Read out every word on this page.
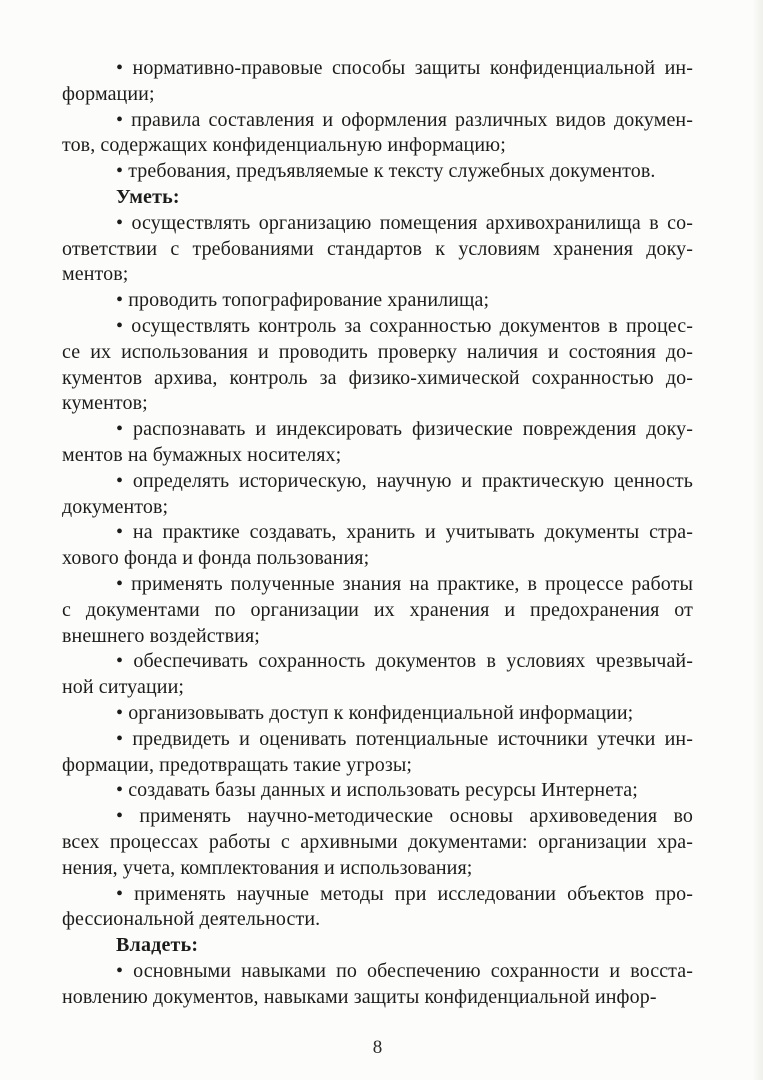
• нормативно-правовые способы защиты конфиденциальной ин-
формации;
• правила составления и оформления различных видов докумен-
тов, содержащих конфиденциальную информацию;
• требования, предъявляемые к тексту служебных документов.
Уметь:
• осуществлять организацию помещения архивохранилища в со-
ответствии с требованиями стандартов к условиям хранения доку-
ментов;
• проводить топографирование хранилища;
• осуществлять контроль за сохранностью документов в процес-
се их использования и проводить проверку наличия и состояния до-
кументов архива, контроль за физико-химической сохранностью до-
кументов;
• распознавать и индексировать физические повреждения доку-
ментов на бумажных носителях;
• определять историческую, научную и практическую ценность
документов;
• на практике создавать, хранить и учитывать документы стра-
хового фонда и фонда пользования;
• применять полученные знания на практике, в процессе работы
с документами по организации их хранения и предохранения от
внешнего воздействия;
• обеспечивать сохранность документов в условиях чрезвычай-
ной ситуации;
• организовывать доступ к конфиденциальной информации;
• предвидеть и оценивать потенциальные источники утечки ин-
формации, предотвращать такие угрозы;
• создавать базы данных и использовать ресурсы Интернета;
• применять научно-методические основы архивоведения во
всех процессах работы с архивными документами: организации хра-
нения, учета, комплектования и использования;
• применять научные методы при исследовании объектов про-
фессиональной деятельности.
Владеть:
• основными навыками по обеспечению сохранности и восста-
новлению документов, навыками защиты конфиденциальной инфор-
8
